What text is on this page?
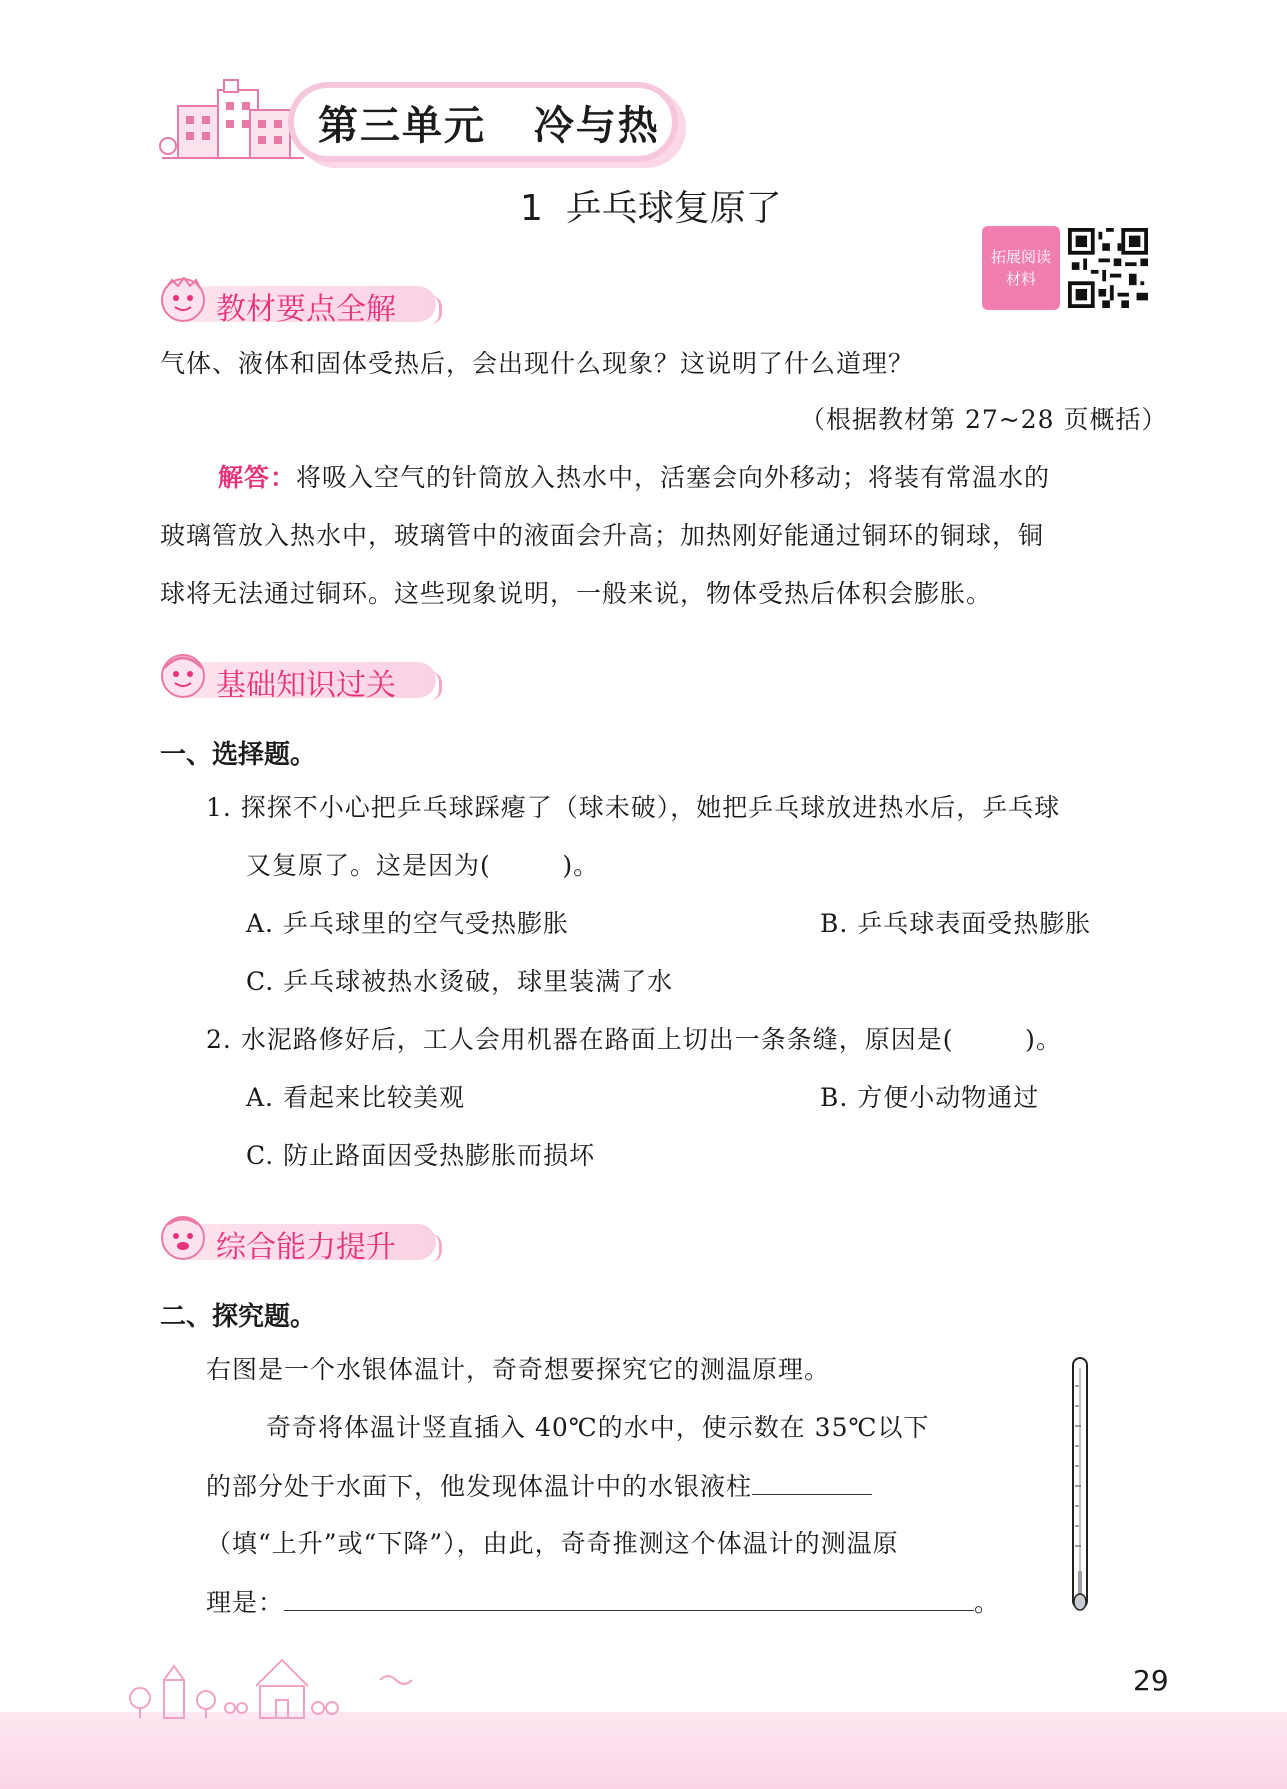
第三单元   冷与热
1  乒乓球复原了
拓展阅读
材料
教材要点全解
气体、液体和固体受热后，会出现什么现象？这说明了什么道理？
（根据教材第 27~28 页概括）
解答：将吸入空气的针筒放入热水中，活塞会向外移动；将装有常温水的
玻璃管放入热水中，玻璃管中的液面会升高；加热刚好能通过铜环的铜球，铜
球将无法通过铜环。这些现象说明，一般来说，物体受热后体积会膨胀。
基础知识过关
一、选择题。
1. 探探不小心把乒乓球踩瘪了（球未破），她把乒乓球放进热水后，乒乓球
又复原了。这是因为(        )。
A. 乒乓球里的空气受热膨胀	B. 乒乓球表面受热膨胀
C. 乒乓球被热水烫破，球里装满了水
2. 水泥路修好后，工人会用机器在路面上切出一条条缝，原因是(        )。
A. 看起来比较美观	B. 方便小动物通过
C. 防止路面因受热膨胀而损坏
综合能力提升
二、探究题。
右图是一个水银体温计，奇奇想要探究它的测温原理。
奇奇将体温计竖直插入 40℃的水中，使示数在 35℃以下
的部分处于水面下，他发现体温计中的水银液柱
（填“上升”或“下降”），由此，奇奇推测这个体温计的测温原
理是：	。
29
